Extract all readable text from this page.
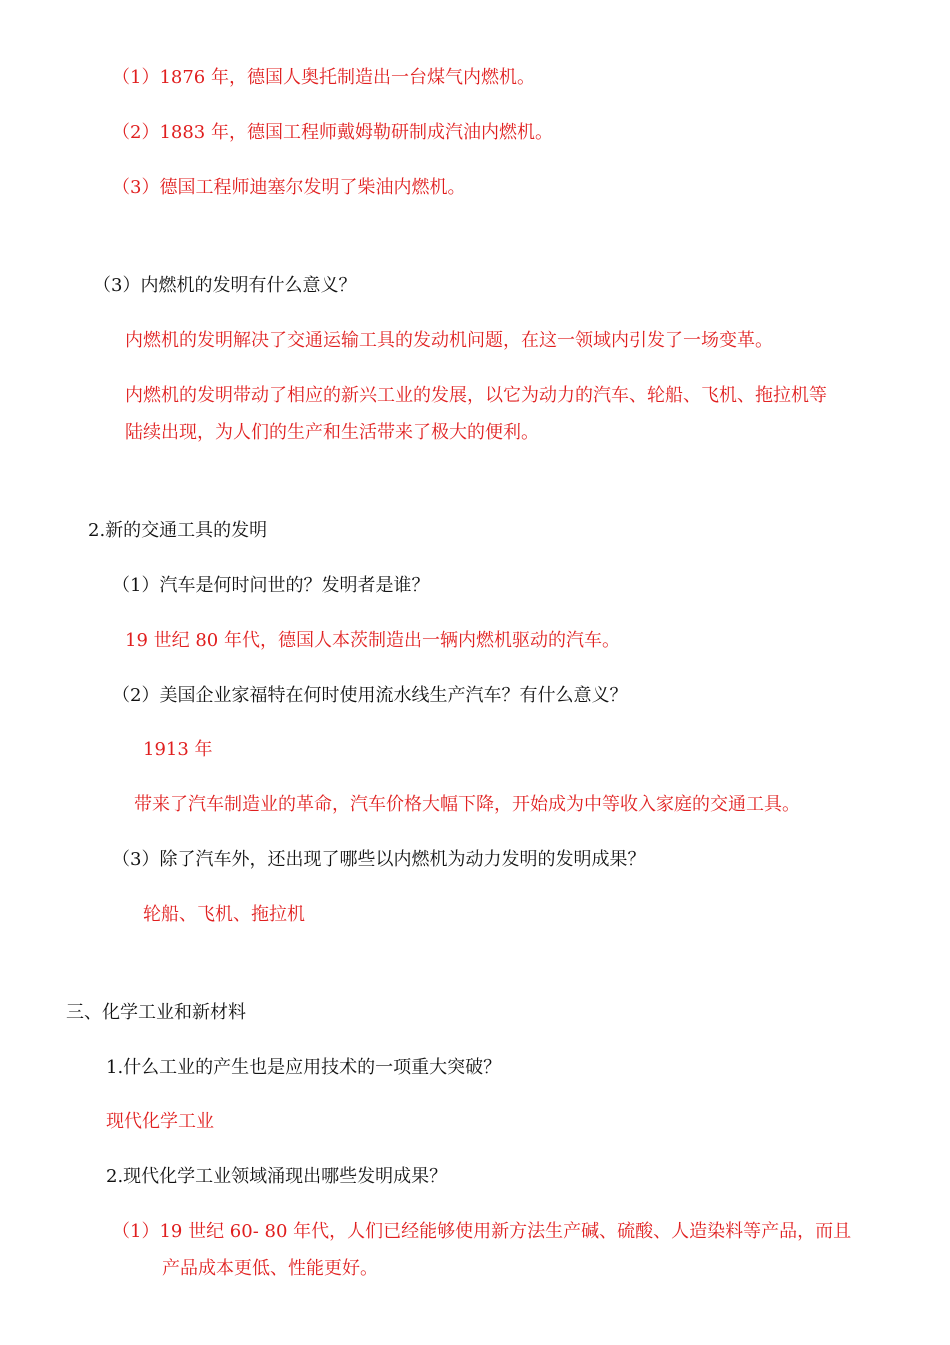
（1）1876 年，德国人奥托制造出一台煤气内燃机。
（2）1883 年，德国工程师戴姆勒研制成汽油内燃机。
（3）德国工程师迪塞尔发明了柴油内燃机。
（3）内燃机的发明有什么意义？
内燃机的发明解决了交通运输工具的发动机问题，在这一领域内引发了一场变革。
内燃机的发明带动了相应的新兴工业的发展，以它为动力的汽车、轮船、飞机、拖拉机等
陆续出现，为人们的生产和生活带来了极大的便利。
2.新的交通工具的发明
（1）汽车是何时问世的？发明者是谁？
19 世纪 80 年代，德国人本茨制造出一辆内燃机驱动的汽车。
（2）美国企业家福特在何时使用流水线生产汽车？有什么意义？
1913 年
带来了汽车制造业的革命，汽车价格大幅下降，开始成为中等收入家庭的交通工具。
（3）除了汽车外，还出现了哪些以内燃机为动力发明的发明成果？
轮船、飞机、拖拉机
三、化学工业和新材料
1.什么工业的产生也是应用技术的一项重大突破？
现代化学工业
2.现代化学工业领域涌现出哪些发明成果？
（1）19 世纪 60- 80 年代，人们已经能够使用新方法生产碱、硫酸、人造染料等产品，而且
产品成本更低、性能更好。
